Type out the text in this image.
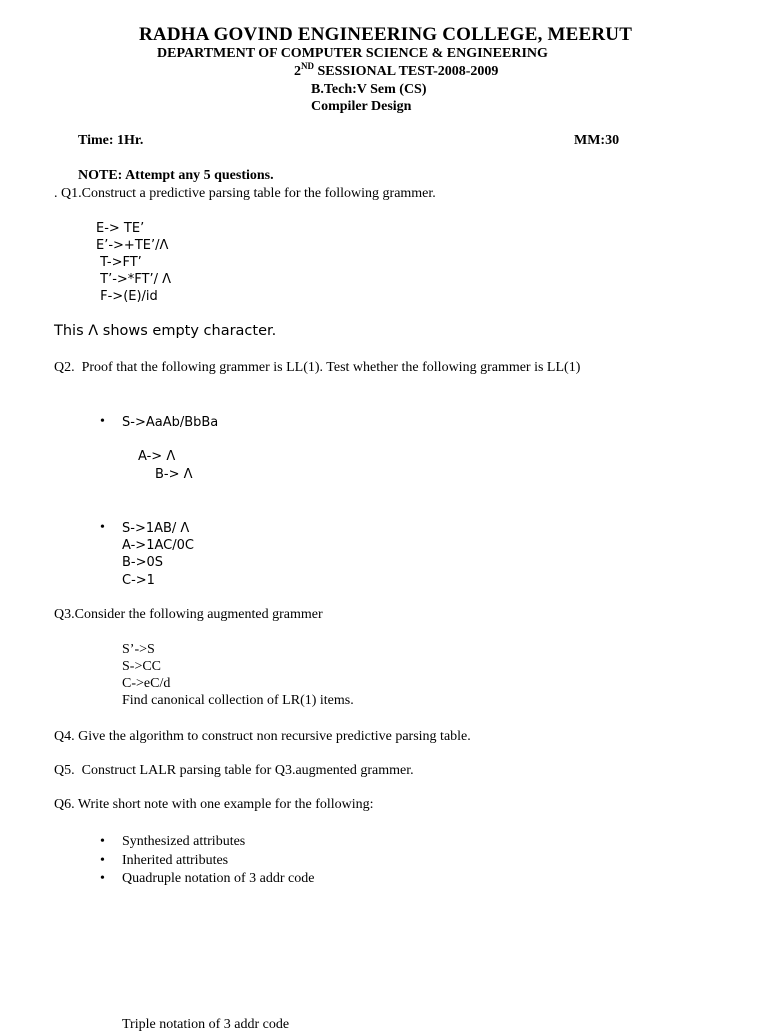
RADHA GOVIND ENGINEERING COLLEGE, MEERUT
DEPARTMENT OF COMPUTER SCIENCE & ENGINEERING
2ND SESSIONAL TEST-2008-2009
B.Tech:V Sem (CS)
Compiler Design
Time: 1Hr.	MM:30
NOTE: Attempt any 5 questions.
. Q1.Construct a predictive parsing table for the following grammer.
E-> TE’
E’->+TE’/Λ
T->FT’
T’->*FT’/ Λ
F->(E)/id
This Λ shows empty character.
Q2.  Proof that the following grammer is LL(1). Test whether the following grammer is LL(1)
• S->AaAb/BbBa
A-> Λ
B-> Λ
• S->1AB/ Λ
A->1AC/0C
B->0S
C->1
Q3.Consider the following augmented grammer
S’->S
S->CC
C->eC/d
Find canonical collection of LR(1) items.
Q4. Give the algorithm to construct non recursive predictive parsing table.
Q5.  Construct LALR parsing table for Q3.augmented grammer.
Q6. Write short note with one example for the following:
• Synthesized attributes
• Inherited attributes
• Quadruple notation of 3 addr code
Triple notation of 3 addr code
